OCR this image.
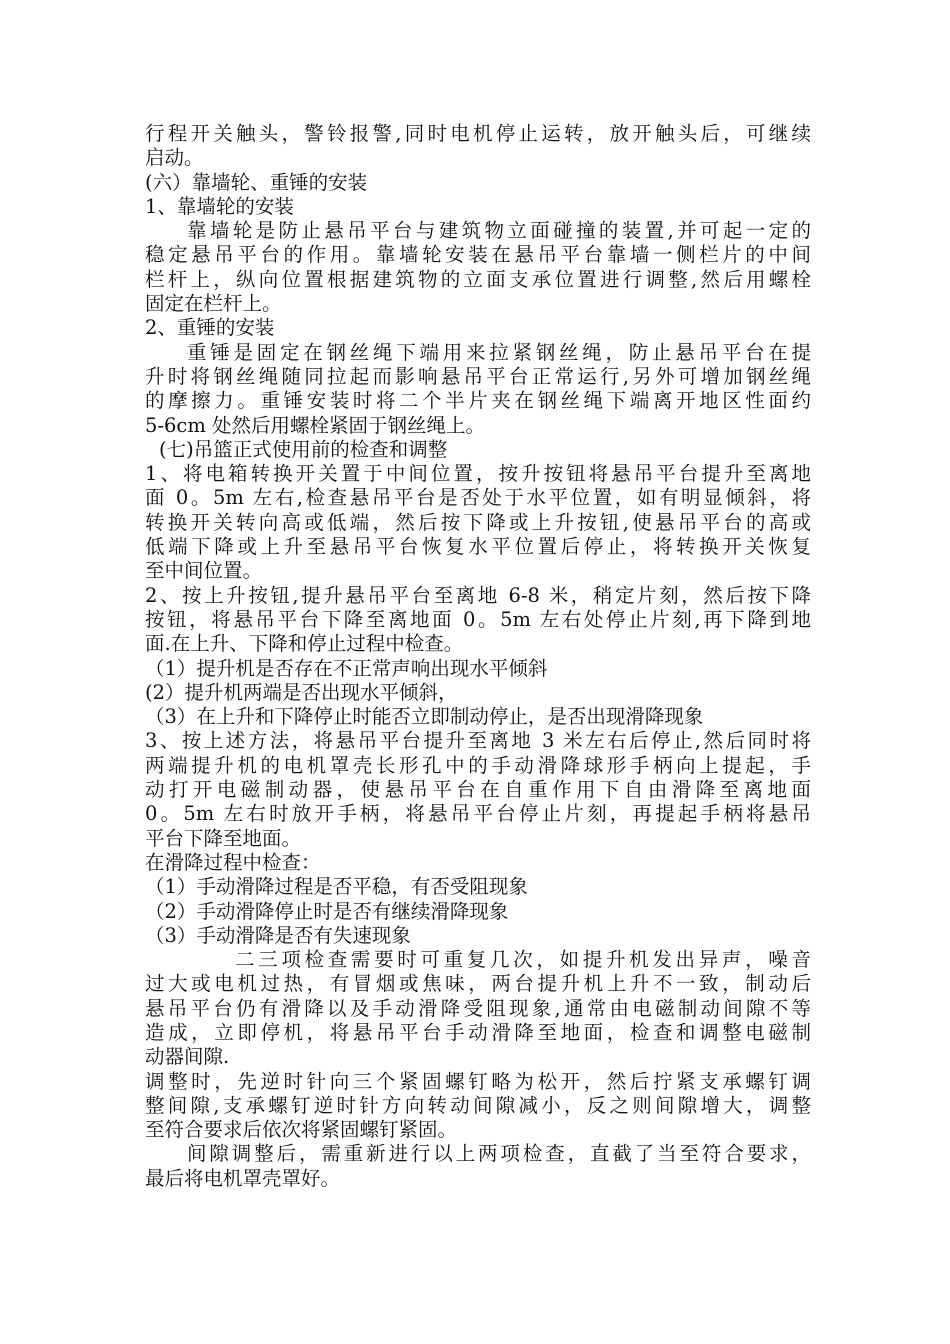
行程开关触头，警铃报警,同时电机停止运转，放开触头后，可继续
启动。
(六）靠墙轮、重锤的安装
1、靠墙轮的安装
靠墙轮是防止悬吊平台与建筑物立面碰撞的装置,并可起一定的
稳定悬吊平台的作用。靠墙轮安装在悬吊平台靠墙一侧栏片的中间
栏杆上，纵向位置根据建筑物的立面支承位置进行调整,然后用螺栓
固定在栏杆上。
2、重锤的安装
重锤是固定在钢丝绳下端用来拉紧钢丝绳，防止悬吊平台在提
升时将钢丝绳随同拉起而影响悬吊平台正常运行,另外可增加钢丝绳
的摩擦力。重锤安装时将二个半片夹在钢丝绳下端离开地区性面约
5-6cm 处然后用螺栓紧固于钢丝绳上。
(七)吊篮正式使用前的检查和调整
1、将电箱转换开关置于中间位置，按升按钮将悬吊平台提升至离地
面 0。5m 左右,检查悬吊平台是否处于水平位置，如有明显倾斜，将
转换开关转向高或低端，然后按下降或上升按钮,使悬吊平台的高或
低端下降或上升至悬吊平台恢复水平位置后停止，将转换开关恢复
至中间位置。
2、按上升按钮,提升悬吊平台至离地 6-8 米，稍定片刻，然后按下降
按钮，将悬吊平台下降至离地面 0。5m 左右处停止片刻,再下降到地
面.在上升、下降和停止过程中检查。
（1）提升机是否存在不正常声响出现水平倾斜
(2）提升机两端是否出现水平倾斜，
（3）在上升和下降停止时能否立即制动停止，是否出现滑降现象
3、按上述方法，将悬吊平台提升至离地 3 米左右后停止,然后同时将
两端提升机的电机罩壳长形孔中的手动滑降球形手柄向上提起，手
动打开电磁制动器，使悬吊平台在自重作用下自由滑降至离地面
0。5m 左右时放开手柄，将悬吊平台停止片刻，再提起手柄将悬吊
平台下降至地面。
在滑降过程中检查：
（1）手动滑降过程是否平稳，有否受阻现象
（2）手动滑降停止时是否有继续滑降现象
（3）手动滑降是否有失速现象
二三项检查需要时可重复几次，如提升机发出异声，噪音
过大或电机过热，有冒烟或焦味，两台提升机上升不一致，制动后
悬吊平台仍有滑降以及手动滑降受阻现象,通常由电磁制动间隙不等
造成，立即停机，将悬吊平台手动滑降至地面，检查和调整电磁制
动器间隙.
调整时，先逆时针向三个紧固螺钉略为松开，然后拧紧支承螺钉调
整间隙,支承螺钉逆时针方向转动间隙减小，反之则间隙增大，调整
至符合要求后依次将紧固螺钉紧固。
间隙调整后，需重新进行以上两项检查，直截了当至符合要求，
最后将电机罩壳罩好。
